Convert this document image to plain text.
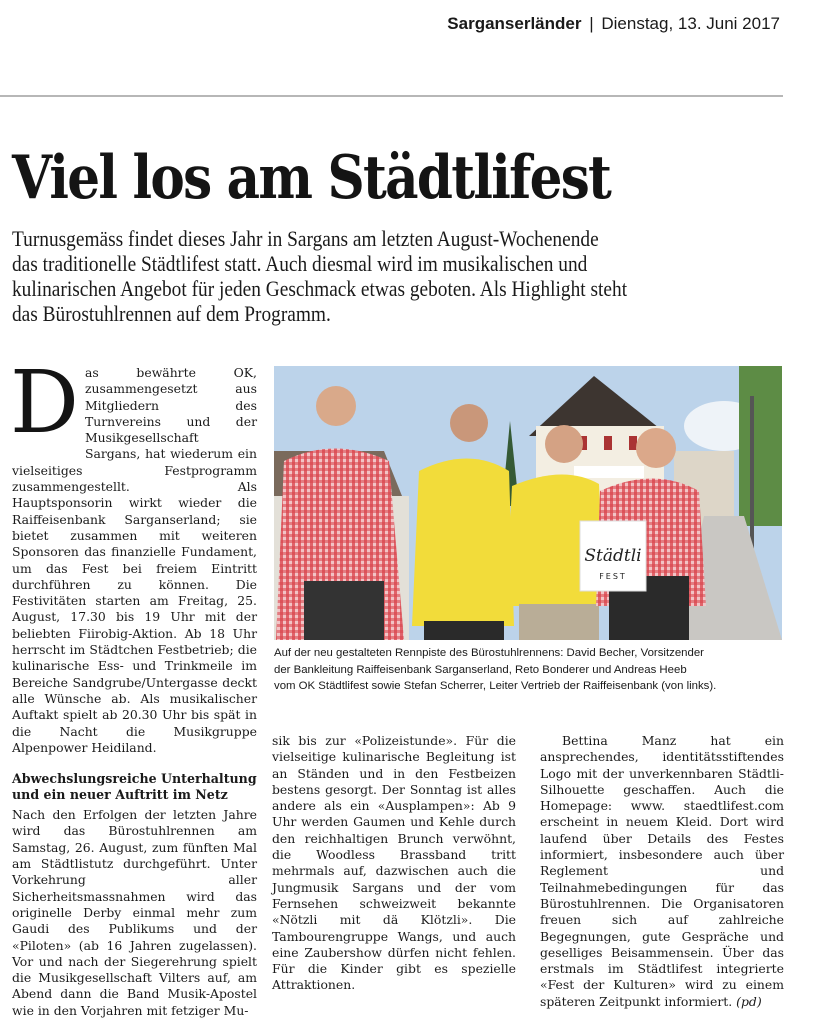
Sarganserländer | Dienstag, 13. Juni 2017
Viel los am Städtlifest
Turnusgemäss findet dieses Jahr in Sargans am letzten August-Wochenende
das traditionelle Städtlifest statt. Auch diesmal wird im musikalischen und
kulinarischen Angebot für jeden Geschmack etwas geboten. Als Highlight steht
das Bürostuhlrennen auf dem Programm.
D as bewährte OK, zusammengesetzt aus Mitgliedern des Turnvereins und der Musikgesellschaft Sargans, hat wiederum ein vielseitiges Festprogramm zusammengestellt. Als Hauptsponsorin wirkt wieder die Raiffeisenbank Sarganserland; sie bietet zusammen mit weiteren Sponsoren das finanzielle Fundament, um das Fest bei freiem Eintritt durchführen zu können. Die Festivitäten starten am Freitag, 25. August, 17.30 bis 19 Uhr mit der beliebten Fiirobig-Aktion. Ab 18 Uhr herrscht im Städtchen Festbetrieb; die kulinarische Ess- und Trinkmeile im Bereiche Sandgrube/Untergasse deckt alle Wünsche ab. Als musikalischer Auftakt spielt ab 20.30 Uhr bis spät in die Nacht die Musikgruppe Alpenpower Heidiland.

Abwechslungsreiche Unterhaltung und ein neuer Auftritt im Netz

Nach den Erfolgen der letzten Jahre wird das Bürostuhlrennen am Samstag, 26. August, zum fünften Mal am Städtlistutz durchgeführt. Unter Vorkehrung aller Sicherheitsmassnahmen wird das originelle Derby einmal mehr zum Gaudi des Publikums und der «Piloten» (ab 16 Jahren zugelassen). Vor und nach der Siegerehrung spielt die Musikgesellschaft Vilters auf, am Abend dann die Band Musik-Apostel wie in den Vorjahren mit fetziger Mu-

Städtli
FEST
Auf der neu gestalteten Rennpiste des Bürostuhlrennens: David Becher, Vorsitzender
der Bankleitung Raiffeisenbank Sarganserland, Reto Bonderer und Andreas Heeb
vom OK Städtlifest sowie Stefan Scherrer, Leiter Vertrieb der Raiffeisenbank (von links).

sik bis zur «Polizeistunde». Für die vielseitige kulinarische Begleitung ist an Ständen und in den Festbeizen bestens gesorgt. Der Sonntag ist alles andere als ein «Ausplampen»: Ab 9 Uhr werden Gaumen und Kehle durch den reichhaltigen Brunch verwöhnt, die Woodless Brassband tritt mehrmals auf, dazwischen auch die Jungmusik Sargans und der vom Fernsehen schweizweit bekannte «Nötzli mit dä Klötzli». Die Tambourengruppe Wangs, und auch eine Zaubershow dürfen nicht fehlen. Für die Kinder gibt es spezielle Attraktionen.

Bettina Manz hat ein ansprechendes, identitätsstiftendes Logo mit der unverkennbaren Städtli-Silhouette geschaffen. Auch die Homepage: www. staedtlifest.com erscheint in neuem Kleid. Dort wird laufend über Details des Festes informiert, insbesondere auch über Reglement und Teilnahmebedingungen für das Bürostuhlrennen. Die Organisatoren freuen sich auf zahlreiche Begegnungen, gute Gespräche und geselliges Beisammensein. Über das erstmals im Städtlifest integrierte «Fest der Kulturen» wird zu einem späteren Zeitpunkt informiert. (pd)
